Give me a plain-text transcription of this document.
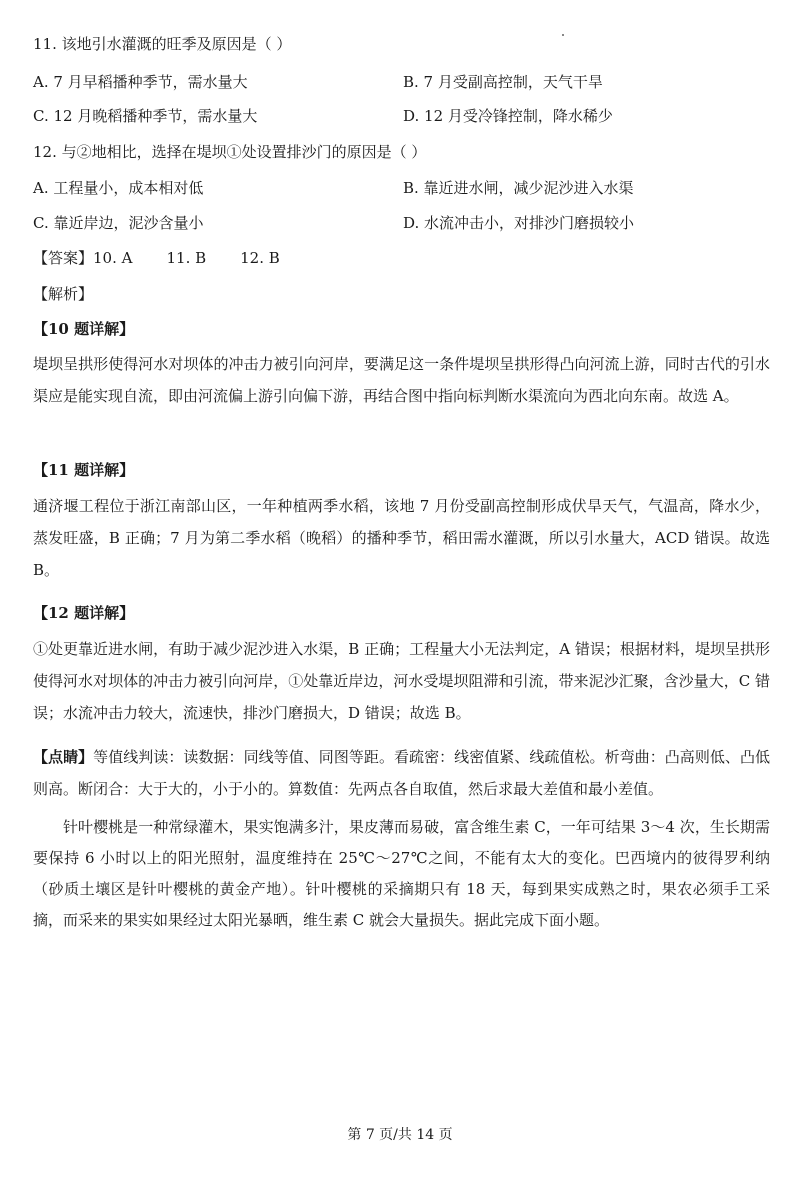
11. 该地引水灌溉的旺季及原因是（ ）
A. 7 月早稻播种季节，需水量大	B. 7 月受副高控制，天气干旱
C. 12 月晚稻播种季节，需水量大	D. 12 月受冷锋控制，降水稀少
12. 与②地相比，选择在堤坝①处设置排沙门的原因是（ ）
A. 工程量小，成本相对低	B. 靠近进水闸，减少泥沙进入水渠
C. 靠近岸边，泥沙含量小	D. 水流冲击小，对排沙门磨损较小
【答案】10. A 11. B 12. B
【解析】
【10 题详解】
堤坝呈拱形使得河水对坝体的冲击力被引向河岸，要满足这一条件堤坝呈拱形得凸向河流上游，同时古代的引水渠应是能实现自流，即由河流偏上游引向偏下游，再结合图中指向标判断水渠流向为西北向东南。故选 A。
【11 题详解】
通济堰工程位于浙江南部山区，一年种植两季水稻，该地 7 月份受副高控制形成伏旱天气，气温高，降水少，蒸发旺盛，B 正确；7 月为第二季水稻（晚稻）的播种季节，稻田需水灌溉，所以引水量大，ACD 错误。故选 B。
【12 题详解】
①处更靠近进水闸，有助于减少泥沙进入水渠，B 正确；工程量大小无法判定，A 错误；根据材料，堤坝呈拱形使得河水对坝体的冲击力被引向河岸，①处靠近岸边，河水受堤坝阻滞和引流，带来泥沙汇聚，含沙量大，C 错误；水流冲击力较大，流速快，排沙门磨损大，D 错误；故选 B。
【点睛】等值线判读：读数据：同线等值、同图等距。看疏密：线密值紧、线疏值松。析弯曲：凸高则低、凸低则高。断闭合：大于大的，小于小的。算数值：先两点各自取值，然后求最大差值和最小差值。
针叶樱桃是一种常绿灌木，果实饱满多汁，果皮薄而易破，富含维生素 C，一年可结果 3～4 次，生长期需要保持 6 小时以上的阳光照射，温度维持在 25℃～27℃之间，不能有太大的变化。巴西境内的彼得罗利纳（砂质土壤区是针叶樱桃的黄金产地）。针叶樱桃的采摘期只有 18 天，每到果实成熟之时，果农必须手工采摘，而采来的果实如果经过太阳光暴晒，维生素 C 就会大量损失。据此完成下面小题。
第 7 页/共 14 页
